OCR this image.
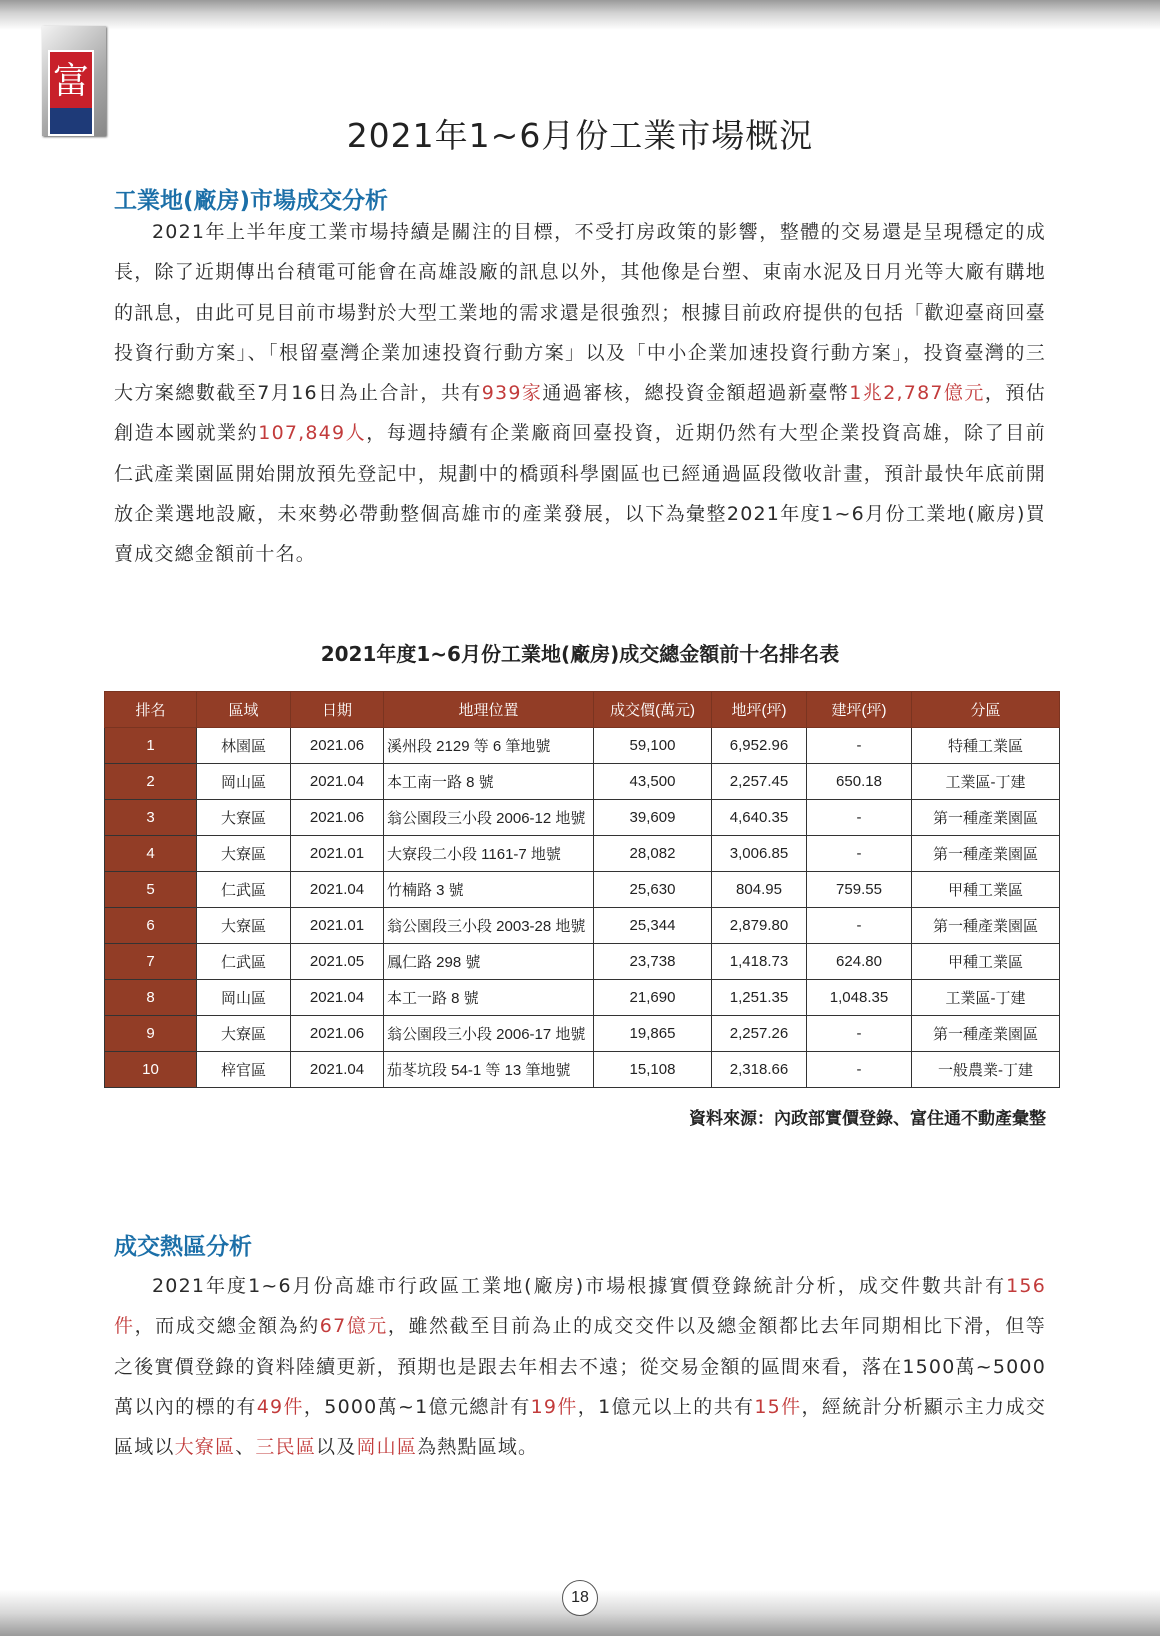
富
2021年1~6月份工業市場概況
工業地(廠房)市場成交分析

2021年上半年度工業市場持續是關注的目標，不受打房政策的影響，整體的交易還是呈現穩定的成長，除了近期傳出台積電可能會在高雄設廠的訊息以外，其他像是台塑、東南水泥及日月光等大廠有購地的訊息，由此可見目前市場對於大型工業地的需求還是很強烈；根據目前政府提供的包括「歡迎臺商回臺投資行動方案」、「根留臺灣企業加速投資行動方案」以及「中小企業加速投資行動方案」，投資臺灣的三大方案總數截至7月16日為止合計，共有939家通過審核，總投資金額超過新臺幣1兆2,787億元，預估創造本國就業約107,849人，每週持續有企業廠商回臺投資，近期仍然有大型企業投資高雄，除了目前仁武產業園區開始開放預先登記中，規劃中的橋頭科學園區也已經通過區段徵收計畫，預計最快年底前開放企業選地設廠，未來勢必帶動整個高雄市的產業發展，以下為彙整2021年度1~6月份工業地(廠房)買賣成交總金額前十名。

2021年度1~6月份工業地(廠房)成交總金額前十名排名表
排名	區域	日期	地理位置	成交價(萬元)	地坪(坪)	建坪(坪)	分區
1	林園區	2021.06	溪州段 2129 等 6 筆地號	59,100	6,952.96	-	特種工業區
2	岡山區	2021.04	本工南一路 8 號	43,500	2,257.45	650.18	工業區-丁建
3	大寮區	2021.06	翁公園段三小段 2006-12 地號	39,609	4,640.35	-	第一種產業園區
4	大寮區	2021.01	大寮段二小段 1161-7 地號	28,082	3,006.85	-	第一種產業園區
5	仁武區	2021.04	竹楠路 3 號	25,630	804.95	759.55	甲種工業區
6	大寮區	2021.01	翁公園段三小段 2003-28 地號	25,344	2,879.80	-	第一種產業園區
7	仁武區	2021.05	鳳仁路 298 號	23,738	1,418.73	624.80	甲種工業區
8	岡山區	2021.04	本工一路 8 號	21,690	1,251.35	1,048.35	工業區-丁建
9	大寮區	2021.06	翁公園段三小段 2006-17 地號	19,865	2,257.26	-	第一種產業園區
10	梓官區	2021.04	茄苳坑段 54-1 等 13 筆地號	15,108	2,318.66	-	一般農業-丁建
資料來源：內政部實價登錄、富住通不動產彙整
成交熱區分析

2021年度1~6月份高雄市行政區工業地(廠房)市場根據實價登錄統計分析，成交件數共計有156件，而成交總金額為約67億元，雖然截至目前為止的成交交件以及總金額都比去年同期相比下滑，但等之後實價登錄的資料陸續更新，預期也是跟去年相去不遠；從交易金額的區間來看，落在1500萬~5000萬以內的標的有49件，5000萬~1億元總計有19件，1億元以上的共有15件，經統計分析顯示主力成交區域以大寮區、三民區以及岡山區為熱點區域。

18
